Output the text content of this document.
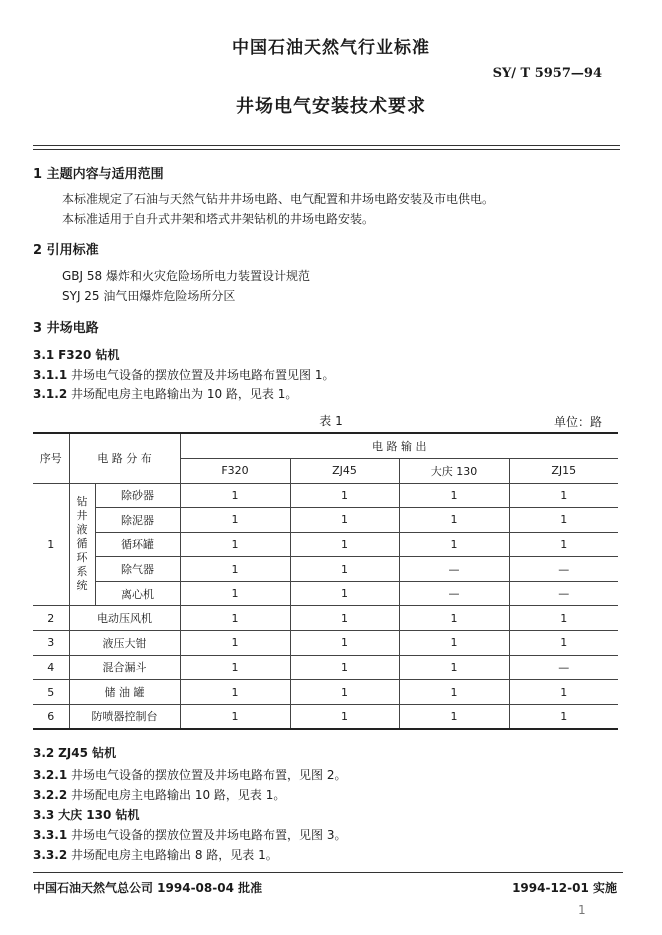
中国石油天然气行业标准
SY/ T 5957—94
井场电气安装技术要求
1 主题内容与适用范围
本标准规定了石油与天然气钻井井场电路、电气配置和井场电路安装及市电供电。
本标准适用于自升式井架和塔式井架钻机的井场电路安装。
2 引用标准
GBJ 58 爆炸和火灾危险场所电力装置设计规范
SYJ 25 油气田爆炸危险场所分区
3 井场电路
3.1 F320 钻机
3.1.1 井场电气设备的摆放位置及井场电路布置见图 1。
3.1.2 井场配电房主电路输出为 10 路，见表 1。
表 1	单位：路
序号	电 路 分 布		电 路 输 出			
			F320	ZJ45	大庆 130	ZJ15
1	钻井液循环系统	除砂器	1	1	1	1
		除泥器	1	1	1	1
		循环罐	1	1	1	1
		除气器	1	1	—	—
		离心机	1	1	—	—
2	电动压风机		1	1	1	1
3	液压大钳		1	1	1	1
4	混合漏斗		1	1	1	—
5	储 油 罐		1	1	1	1
6	防喷器控制台		1	1	1	1
3.2 ZJ45 钻机
3.2.1 井场电气设备的摆放位置及井场电路布置，见图 2。
3.2.2 井场配电房主电路输出 10 路，见表 1。
3.3 大庆 130 钻机
3.3.1 井场电气设备的摆放位置及井场电路布置，见图 3。
3.3.2 井场配电房主电路输出 8 路，见表 1。
中国石油天然气总公司 1994-08-04 批准	1994-12-01 实施
1
